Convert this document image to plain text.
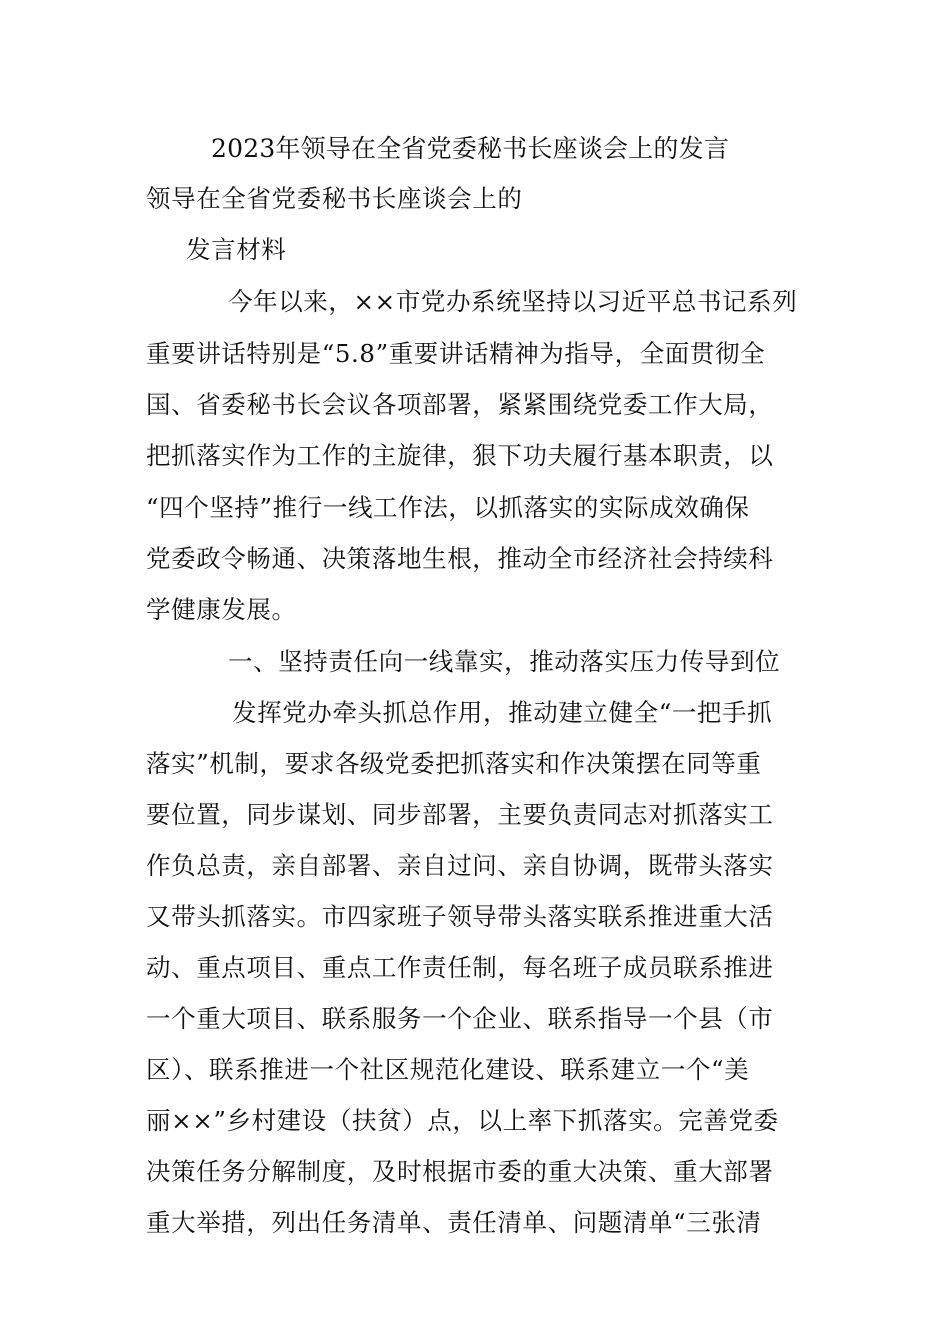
2023年领导在全省党委秘书长座谈会上的发言
领导在全省党委秘书长座谈会上的
发言材料
今年以来，××市党办系统坚持以习近平总书记系列
重要讲话特别是“5.8”重要讲话精神为指导，全面贯彻全
国、省委秘书长会议各项部署，紧紧围绕党委工作大局，
把抓落实作为工作的主旋律，狠下功夫履行基本职责，以
“四个坚持”推行一线工作法，以抓落实的实际成效确保
党委政令畅通、决策落地生根，推动全市经济社会持续科
学健康发展。
一、坚持责任向一线靠实，推动落实压力传导到位
发挥党办牵头抓总作用，推动建立健全“一把手抓
落实”机制，要求各级党委把抓落实和作决策摆在同等重
要位置，同步谋划、同步部署，主要负责同志对抓落实工
作负总责，亲自部署、亲自过问、亲自协调，既带头落实
又带头抓落实。市四家班子领导带头落实联系推进重大活
动、重点项目、重点工作责任制，每名班子成员联系推进
一个重大项目、联系服务一个企业、联系指导一个县（市
区）、联系推进一个社区规范化建设、联系建立一个“美
丽××”乡村建设（扶贫）点，以上率下抓落实。完善党委
决策任务分解制度，及时根据市委的重大决策、重大部署
重大举措，列出任务清单、责任清单、问题清单“三张清
